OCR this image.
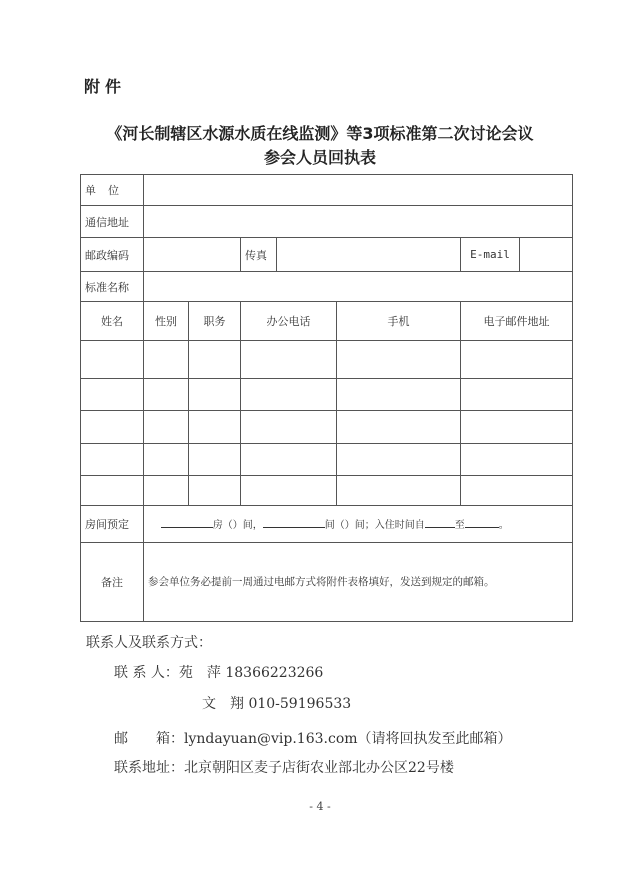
附件
《河长制辖区水源水质在线监测》等3项标准第二次讨论会议
参会人员回执表
单位						
通信地址						
邮政编码			传真			E-mail

标准名称						
姓名	性别	职务	办公电话		手机	电子邮件地址

房间预定	房（）间， 间（）间；入住时间自 至 。					
备注	参会单位务必提前一周通过电邮方式将附件表格填好，发送到规定的邮箱。					
联系人及联系方式：
联 系 人：苑　萍 18366223266
文　翔 010-59196533
邮　　箱：lyndayuan@vip.163.com（请将回执发至此邮箱）
联系地址：北京朝阳区麦子店街农业部北办公区22号楼
- 4 -
